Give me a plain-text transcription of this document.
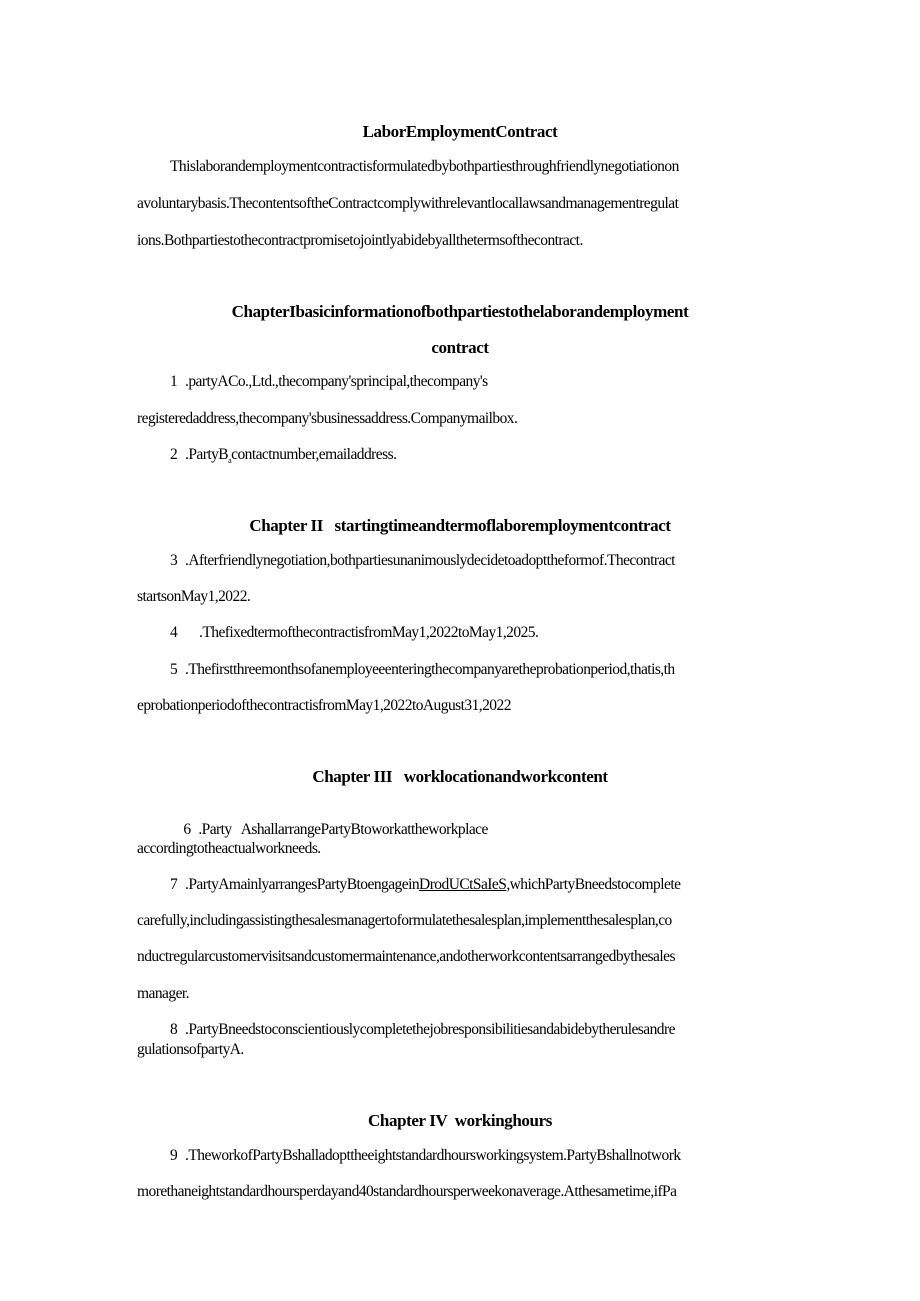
LaborEmploymentContract
Thislaborandemploymentcontractisformulatedbybothpartiesthroughfriendlynegotiationon
avoluntarybasis.ThecontentsoftheContractcomplywithrelevantlocallawsandmanagementregulat
ions.Bothpartiestothecontractpromisetojointlyabidebyallthetermsofthecontract.
ChapterIbasicinformationofbothpartiestothelaborandemployment
contract
1 .partyACo.,Ltd.,thecompany'sprincipal,thecompany's
registeredaddress,thecompany'sbusinessaddress.Companymailbox.
2 .PartyB$_a$contactnumber,emailaddress.
Chapter II   startingtimeandtermoflaboremploymentcontract
3 .Afterfriendlynegotiation,bothpartiesunanimouslydecidetoadopttheformof.Thecontract
startsonMay1,2022.
4 .ThefixedtermofthecontractisfromMay1,2022toMay1,2025.
5 .Thefirstthreemonthsofanemployeeenteringthecompanyaretheprobationperiod,thatis,th
eprobationperiodofthecontractisfromMay1,2022toAugust31,2022
Chapter III   worklocationandworkcontent

6 .Party   AshallarrangePartyBtoworkattheworkplace

accordingtotheactualworkneeds.
7 .PartyAmainlyarrangesPartyBtoengageinDrodUCtSaIeS,whichPartyBneedstocomplete
carefully,includingassistingthesalesmanagertoformulatethesalesplan,implementthesalesplan,co
nductregularcustomervisitsandcustomermaintenance,andotherworkcontentsarrangedbythesales
manager.
8 .PartyBneedstoconscientiouslycompletethejobresponsibilitiesandabidebytherulesandre
gulationsofpartyA.
Chapter IV  workinghours
9 .TheworkofPartyBshalladopttheeightstandardhoursworkingsystem.PartyBshallnotwork
morethaneightstandardhoursperdayand40standardhoursperweekonaverage.Atthesametime,ifPa
